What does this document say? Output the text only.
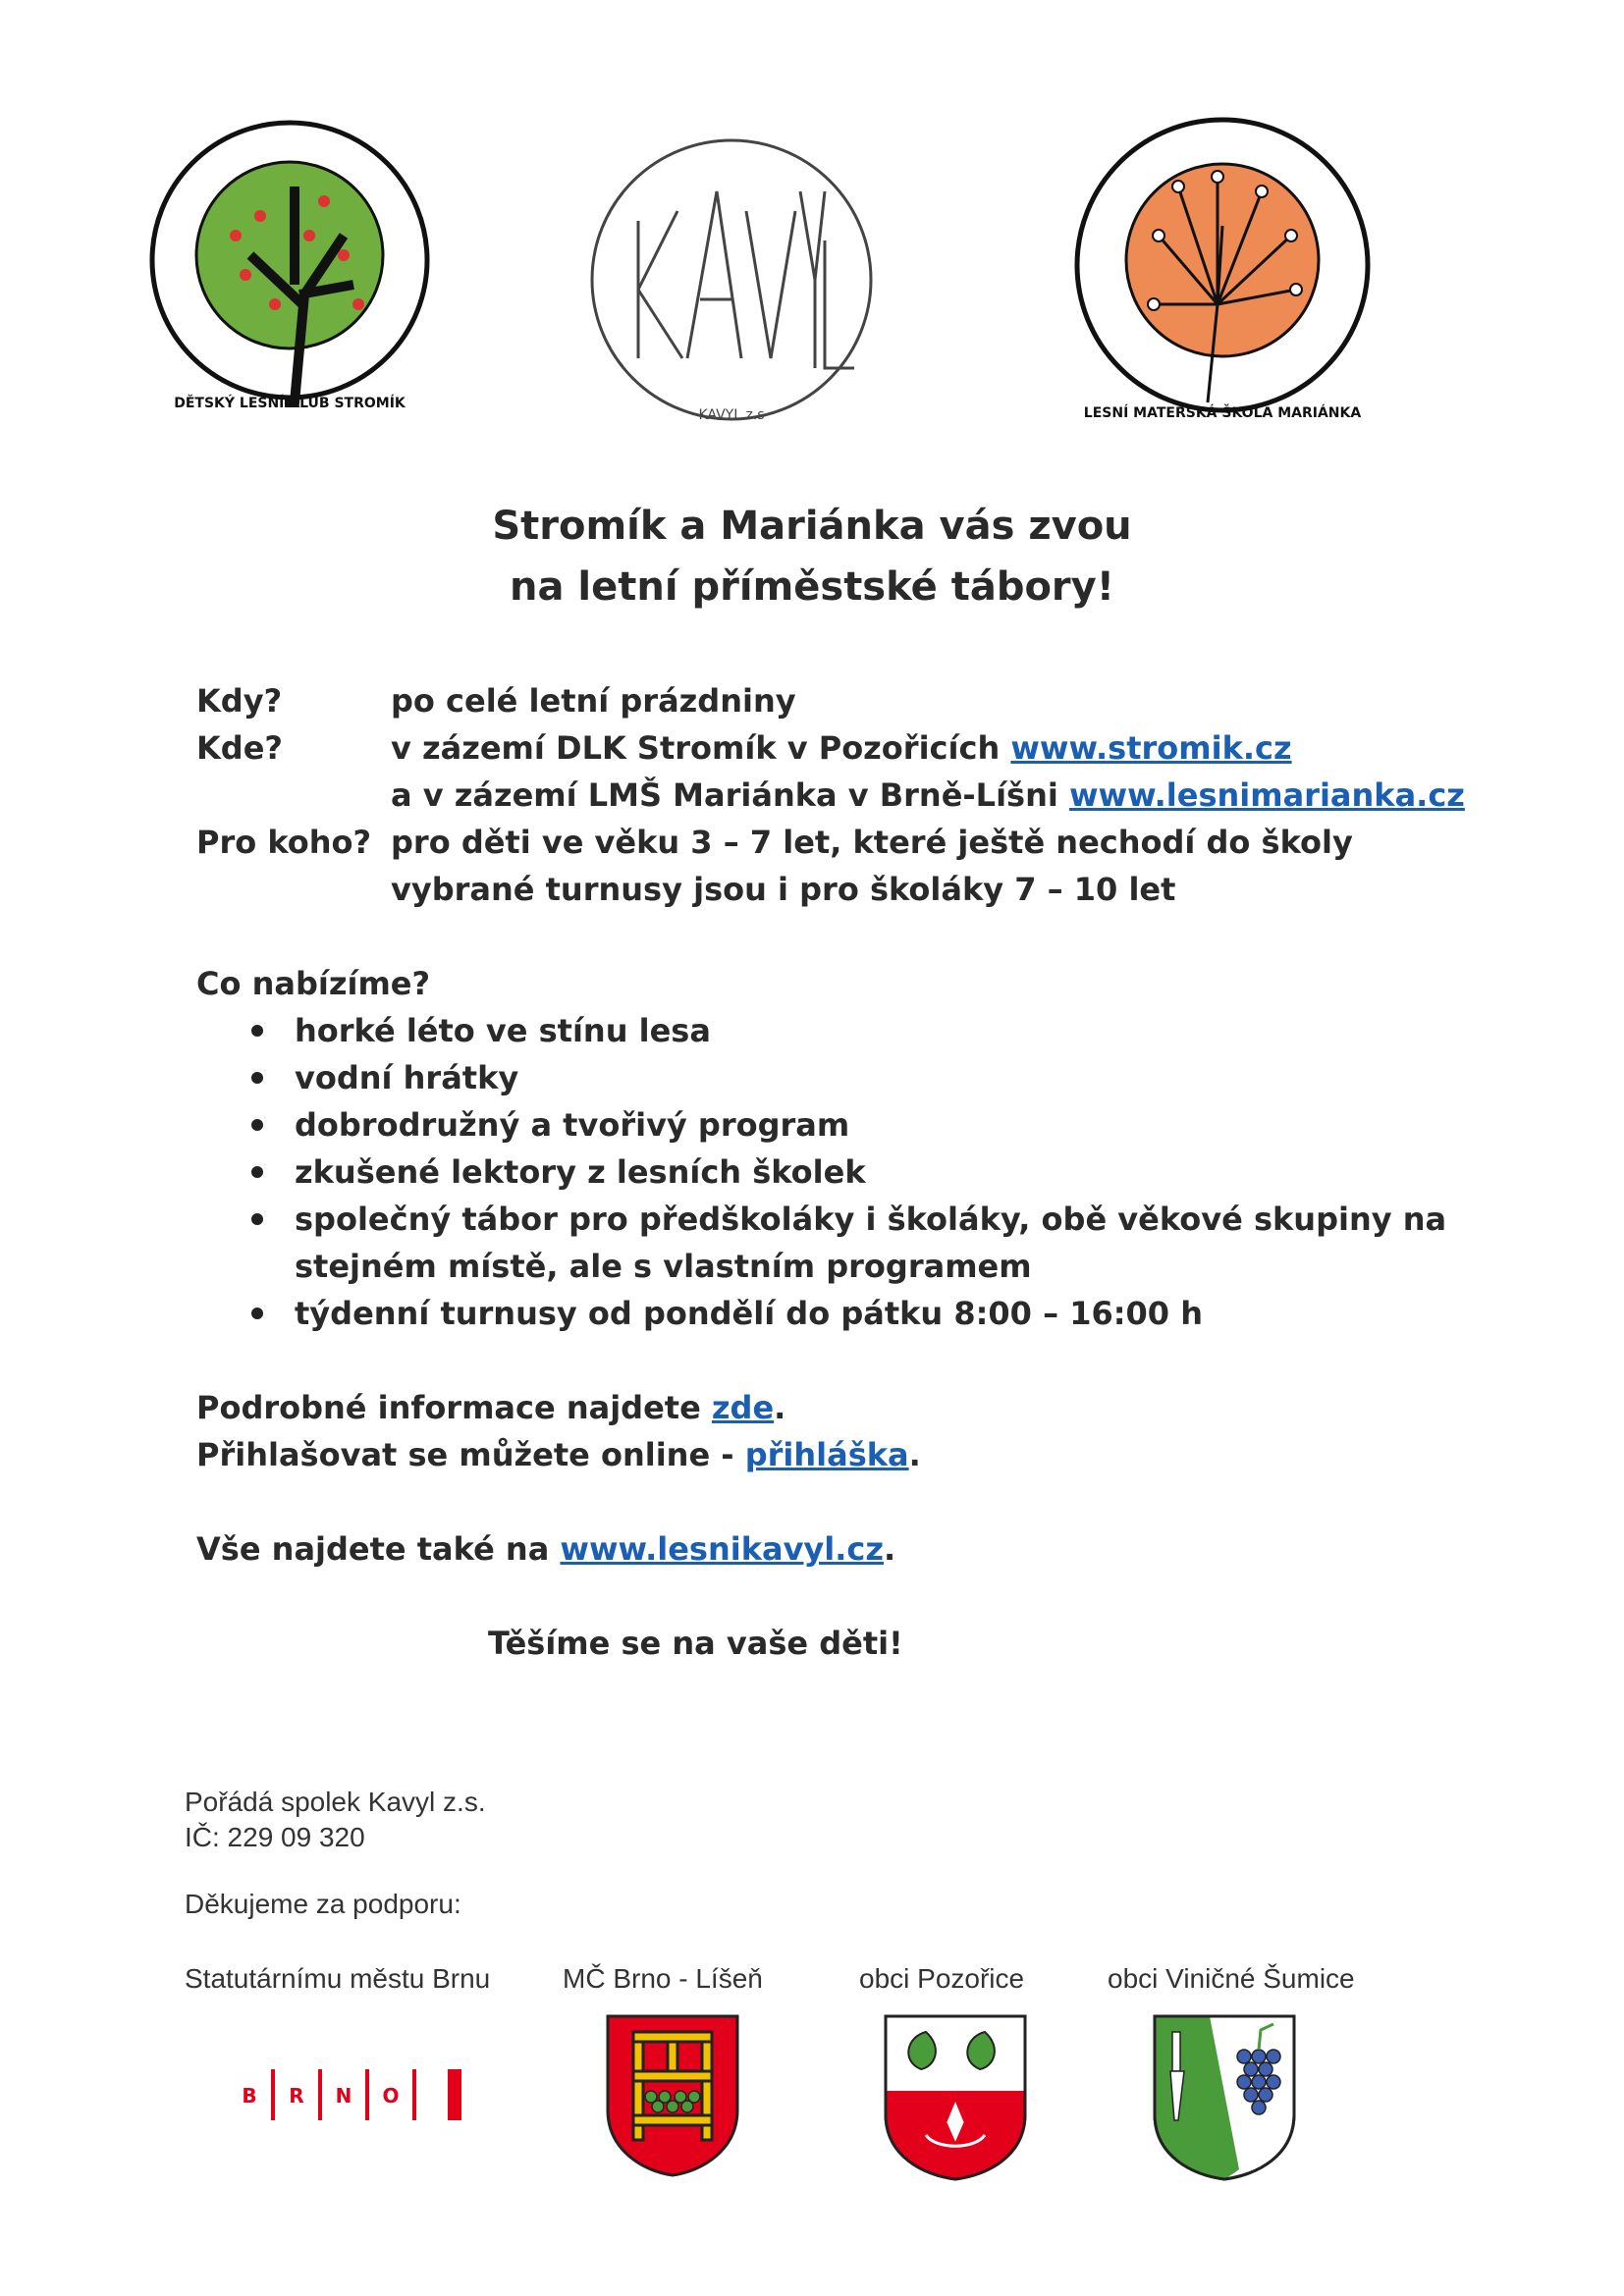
DĚTSKÝ LESNÍ KLUB STROMÍK
KAVYL z.s	LESNÍ MATEŘSKÁ ŠKOLA MARIÁNKA
Stromík a Mariánka vás zvou
na letní příměstské tábory!
Kdy?	po celé letní prázdniny
Kde?	v zázemí DLK Stromík v Pozořicích www.stromik.cz
a v zázemí LMŠ Mariánka v Brně-Líšni www.lesnimarianka.cz
Pro koho? pro děti ve věku 3 – 7 let, které ještě nechodí do školy
vybrané turnusy jsou i pro školáky 7 – 10 let
Co nabízíme?
horké léto ve stínu lesa
vodní hrátky
dobrodružný a tvořivý program
zkušené lektory z lesních školek
společný tábor pro předškoláky i školáky, obě věkové skupiny na stejném místě, ale s vlastním programem
týdenní turnusy od pondělí do pátku 8:00 – 16:00 h
Podrobné informace najdete zde.
Přihlašovat se můžete online - přihláška.
Vše najdete také na www.lesnikavyl.cz.
Těšíme se na vaše děti!
Pořádá spolek Kavyl z.s.
IČ: 229 09 320
Děkujeme za podporu:
Statutárnímu městu Brnu	MČ Brno - Líšeň	obci Pozořice	obci Viničné Šumice
B R N O
